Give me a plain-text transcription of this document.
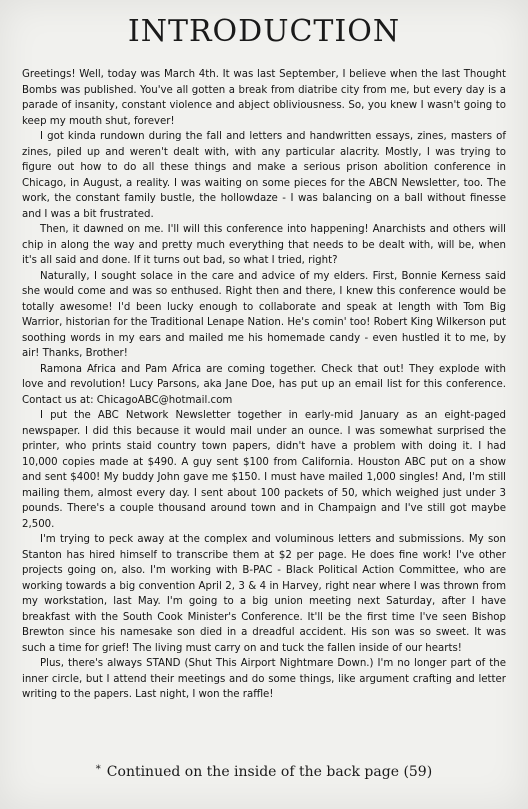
INTRODUCTION

Greetings! Well, today was March 4th. It was last September, I believe when the last Thought Bombs was published. You've all gotten a break from diatribe city from me, but every day is a parade of insanity, constant violence and abject obliviousness. So, you knew I wasn't going to keep my mouth shut, forever!

I got kinda rundown during the fall and letters and handwritten essays, zines, masters of zines, piled up and weren't dealt with, with any particular alacrity. Mostly, I was trying to figure out how to do all these things and make a serious prison abolition conference in Chicago, in August, a reality. I was waiting on some pieces for the ABCN Newsletter, too. The work, the constant family bustle, the hollowdaze - I was balancing on a ball without finesse and I was a bit frustrated.

Then, it dawned on me. I'll will this conference into happening! Anarchists and others will chip in along the way and pretty much everything that needs to be dealt with, will be, when it's all said and done. If it turns out bad, so what I tried, right?

Naturally, I sought solace in the care and advice of my elders. First, Bonnie Kerness said she would come and was so enthused. Right then and there, I knew this conference would be totally awesome! I'd been lucky enough to collaborate and speak at length with Tom Big Warrior, historian for the Traditional Lenape Nation. He's comin' too! Robert King Wilkerson put soothing words in my ears and mailed me his homemade candy - even hustled it to me, by air! Thanks, Brother!

Ramona Africa and Pam Africa are coming together. Check that out! They explode with love and revolution! Lucy Parsons, aka Jane Doe, has put up an email list for this conference. Contact us at: ChicagoABC@hotmail.com

I put the ABC Network Newsletter together in early-mid January as an eight-paged newspaper. I did this because it would mail under an ounce. I was somewhat surprised the printer, who prints staid country town papers, didn't have a problem with doing it. I had 10,000 copies made at $490. A guy sent $100 from California. Houston ABC put on a show and sent $400! My buddy John gave me $150. I must have mailed 1,000 singles! And, I'm still mailing them, almost every day. I sent about 100 packets of 50, which weighed just under 3 pounds. There's a couple thousand around town and in Champaign and I've still got maybe 2,500.

I'm trying to peck away at the complex and voluminous letters and submissions. My son Stanton has hired himself to transcribe them at $2 per page. He does fine work! I've other projects going on, also. I'm working with B-PAC - Black Political Action Committee, who are working towards a big convention April 2, 3 & 4 in Harvey, right near where I was thrown from my workstation, last May. I'm going to a big union meeting next Saturday, after I have breakfast with the South Cook Minister's Conference. It'll be the first time I've seen Bishop Brewton since his namesake son died in a dreadful accident. His son was so sweet. It was such a time for grief! The living must carry on and tuck the fallen inside of our hearts!

Plus, there's always STAND (Shut This Airport Nightmare Down.) I'm no longer part of the inner circle, but I attend their meetings and do some things, like argument crafting and letter writing to the papers. Last night, I won the raffle!

* Continued on the inside of the back page (59)
